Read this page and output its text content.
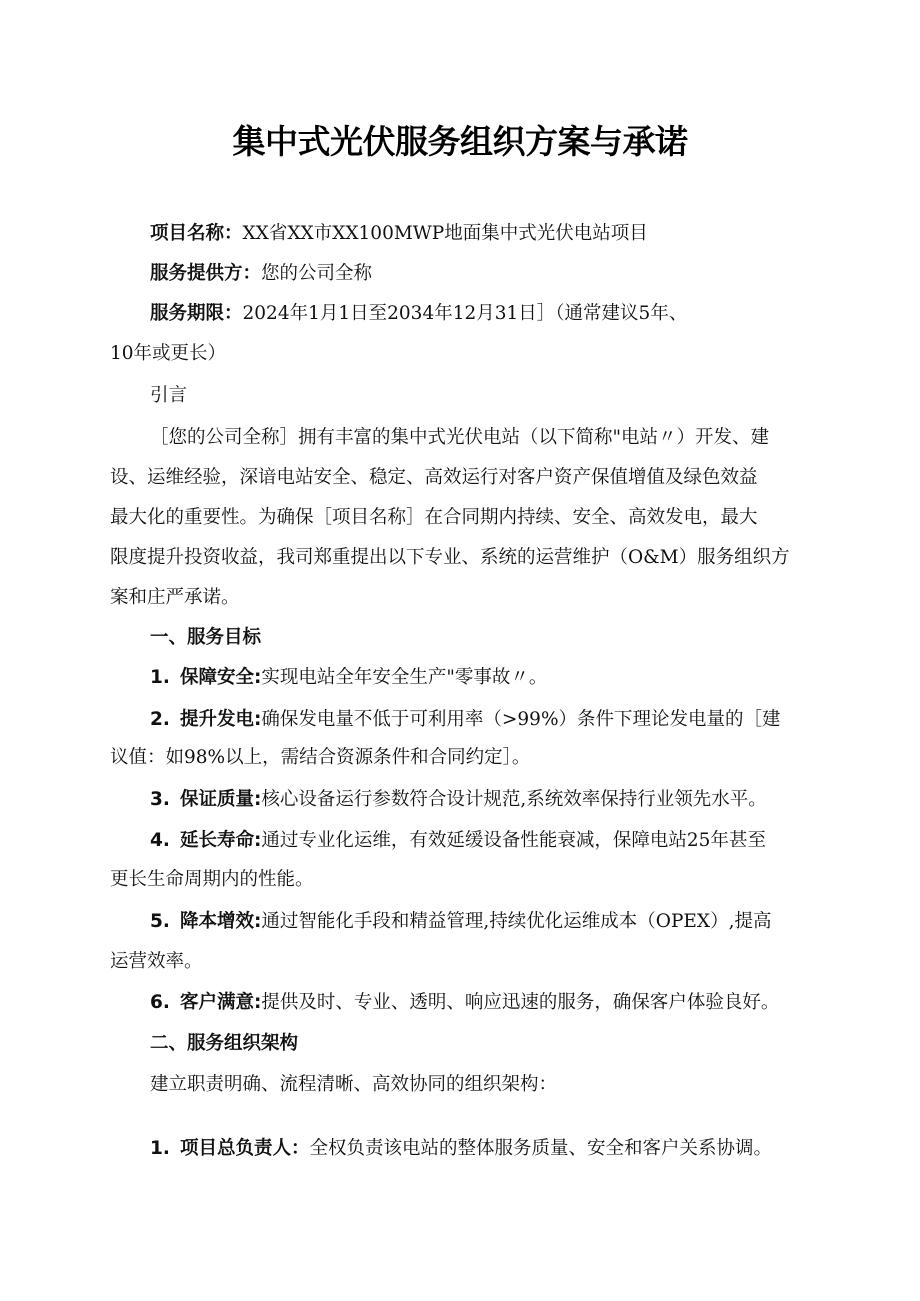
集中式光伏服务组织方案与承诺

项目名称：XX省XX市XX100MWP地面集中式光伏电站项目

服务提供方：您的公司全称

服务期限：2024年1月1日至2034年12月31日］（通常建议5年、

10年或更长）

引言

［您的公司全称］拥有丰富的集中式光伏电站（以下简称"电站〃）开发、建

设、运维经验，深谙电站安全、稳定、高效运行对客户资产保值增值及绿色效益

最大化的重要性。为确保［项目名称］在合同期内持续、安全、高效发电，最大

限度提升投资收益，我司郑重提出以下专业、系统的运营维护（O&M）服务组织方

案和庄严承诺。

一、服务目标

1. 保障安全:实现电站全年安全生产"零事故〃。

2. 提升发电:确保发电量不低于可利用率（>99%）条件下理论发电量的［建

议值：如98%以上，需结合资源条件和合同约定］。

3. 保证质量:核心设备运行参数符合设计规范,系统效率保持行业领先水平。

4. 延长寿命:通过专业化运维，有效延缓设备性能衰减，保障电站25年甚至

更长生命周期内的性能。

5. 降本增效:通过智能化手段和精益管理,持续优化运维成本（OPEX）,提高

运营效率。

6. 客户满意:提供及时、专业、透明、响应迅速的服务，确保客户体验良好。

二、服务组织架构

建立职责明确、流程清晰、高效协同的组织架构：

1. 项目总负责人：全权负责该电站的整体服务质量、安全和客户关系协调。
